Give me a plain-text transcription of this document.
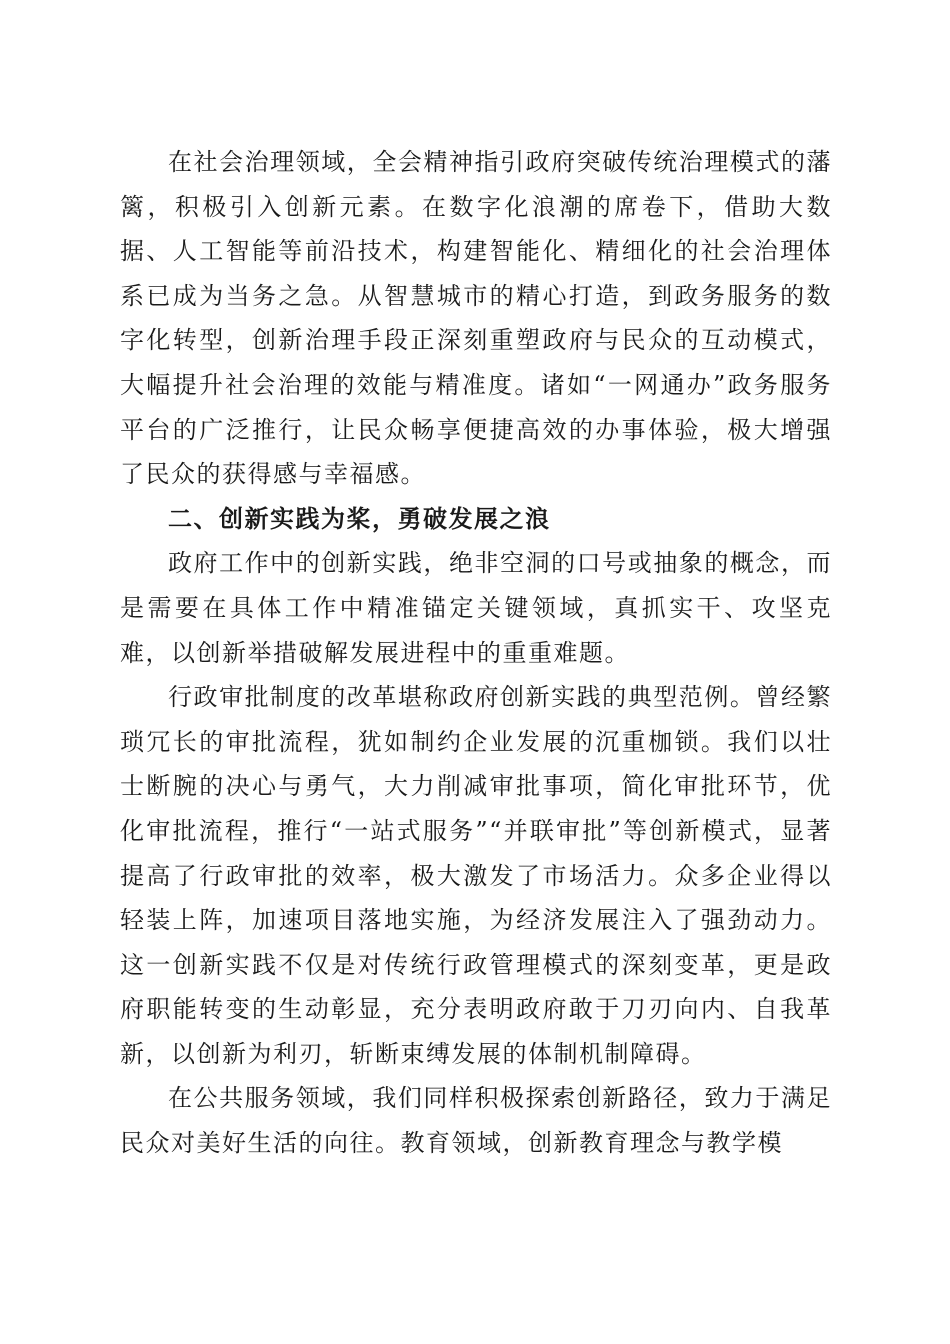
在社会治理领域，全会精神指引政府突破传统治理模式的藩篱，积极引入创新元素。在数字化浪潮的席卷下，借助大数据、人工智能等前沿技术，构建智能化、精细化的社会治理体系已成为当务之急。从智慧城市的精心打造，到政务服务的数字化转型，创新治理手段正深刻重塑政府与民众的互动模式，大幅提升社会治理的效能与精准度。诸如“一网通办”政务服务平台的广泛推行，让民众畅享便捷高效的办事体验，极大增强了民众的获得感与幸福感。

二、创新实践为桨，勇破发展之浪

政府工作中的创新实践，绝非空洞的口号或抽象的概念，而是需要在具体工作中精准锚定关键领域，真抓实干、攻坚克难，以创新举措破解发展进程中的重重难题。

行政审批制度的改革堪称政府创新实践的典型范例。曾经繁琐冗长的审批流程，犹如制约企业发展的沉重枷锁。我们以壮士断腕的决心与勇气，大力削减审批事项，简化审批环节，优化审批流程，推行“一站式服务”“并联审批”等创新模式，显著提高了行政审批的效率，极大激发了市场活力。众多企业得以轻装上阵，加速项目落地实施，为经济发展注入了强劲动力。这一创新实践不仅是对传统行政管理模式的深刻变革，更是政府职能转变的生动彰显，充分表明政府敢于刀刃向内、自我革新，以创新为利刃，斩断束缚发展的体制机制障碍。

在公共服务领域，我们同样积极探索创新路径，致力于满足民众对美好生活的向往。教育领域，创新教育理念与教学模
